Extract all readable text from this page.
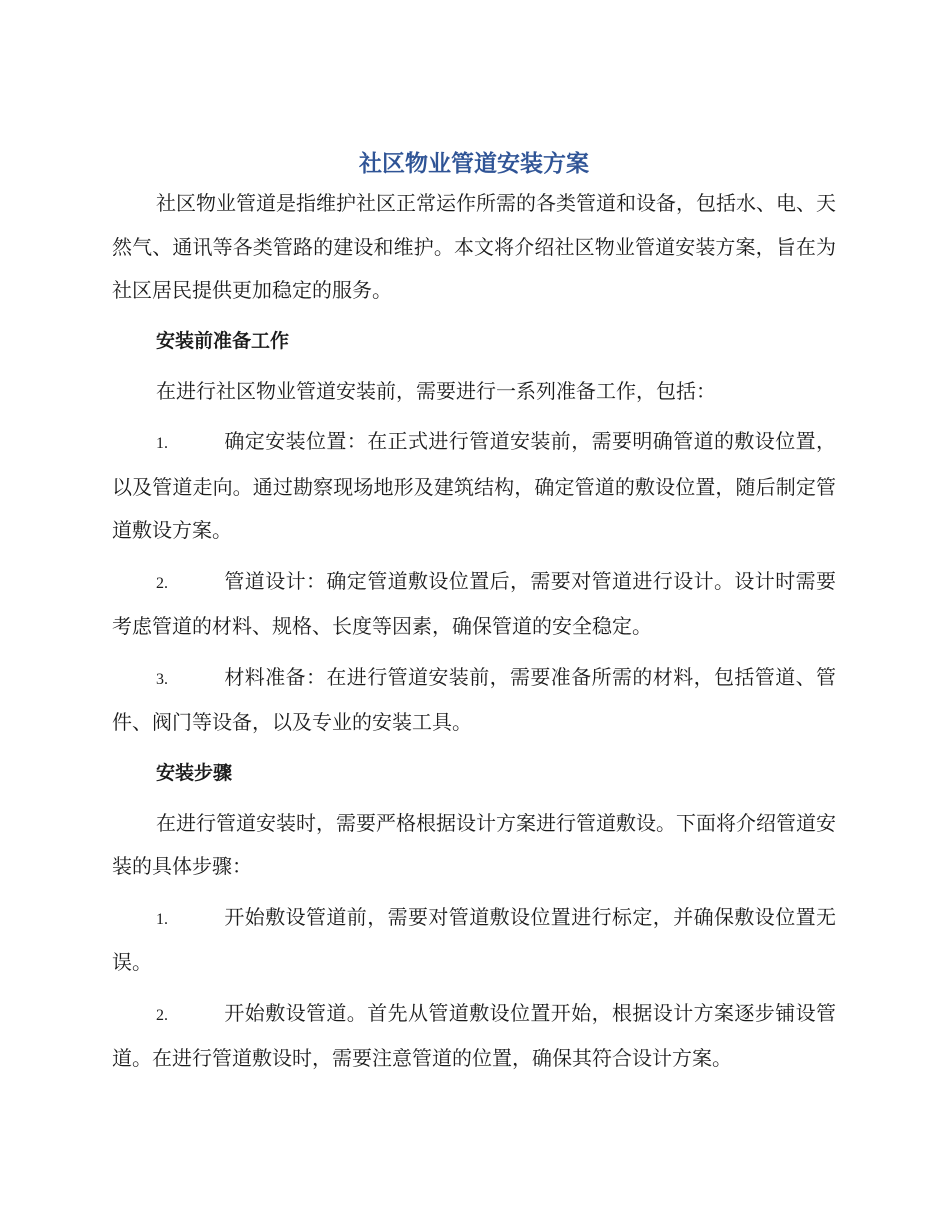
社区物业管道安装方案

社区物业管道是指维护社区正常运作所需的各类管道和设备，包括水、电、天然气、通讯等各类管路的建设和维护。本文将介绍社区物业管道安装方案，旨在为社区居民提供更加稳定的服务。

安装前准备工作

在进行社区物业管道安装前，需要进行一系列准备工作，包括：

1.	确定安装位置：在正式进行管道安装前，需要明确管道的敷设位置，以及管道走向。通过勘察现场地形及建筑结构，确定管道的敷设位置，随后制定管道敷设方案。

2.	管道设计：确定管道敷设位置后，需要对管道进行设计。设计时需要考虑管道的材料、规格、长度等因素，确保管道的安全稳定。

3.	材料准备：在进行管道安装前，需要准备所需的材料，包括管道、管件、阀门等设备，以及专业的安装工具。

安装步骤

在进行管道安装时，需要严格根据设计方案进行管道敷设。下面将介绍管道安装的具体步骤：

1.	开始敷设管道前，需要对管道敷设位置进行标定，并确保敷设位置无误。

2.	开始敷设管道。首先从管道敷设位置开始，根据设计方案逐步铺设管道。在进行管道敷设时，需要注意管道的位置，确保其符合设计方案。
